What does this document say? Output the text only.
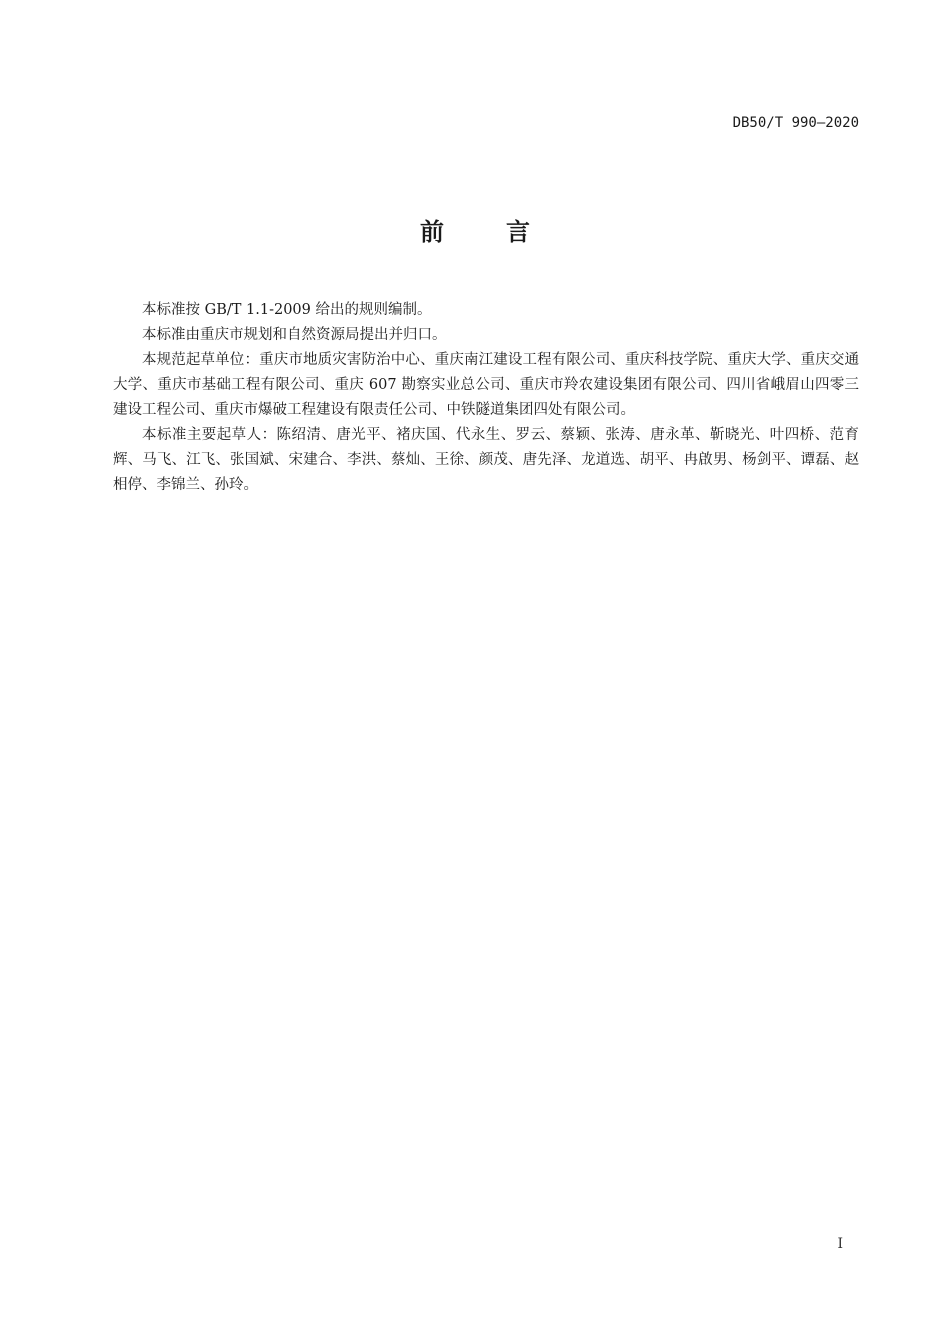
DB50/T 990—2020
前言

本标准按 GB/T 1.1-2009 给出的规则编制。

本标准由重庆市规划和自然资源局提出并归口。

本规范起草单位：重庆市地质灾害防治中心、重庆南江建设工程有限公司、重庆科技学院、重庆大学、重庆交通大学、重庆市基础工程有限公司、重庆 607 勘察实业总公司、重庆市羚农建设集团有限公司、四川省峨眉山四零三建设工程公司、重庆市爆破工程建设有限责任公司、中铁隧道集团四处有限公司。

本标准主要起草人：陈绍清、唐光平、褚庆国、代永生、罗云、蔡颖、张涛、唐永革、靳晓光、叶四桥、范育辉、马飞、江飞、张国斌、宋建合、李洪、蔡灿、王徐、颜茂、唐先泽、龙道选、胡平、冉啟男、杨剑平、谭磊、赵相停、李锦兰、孙玲。

I
